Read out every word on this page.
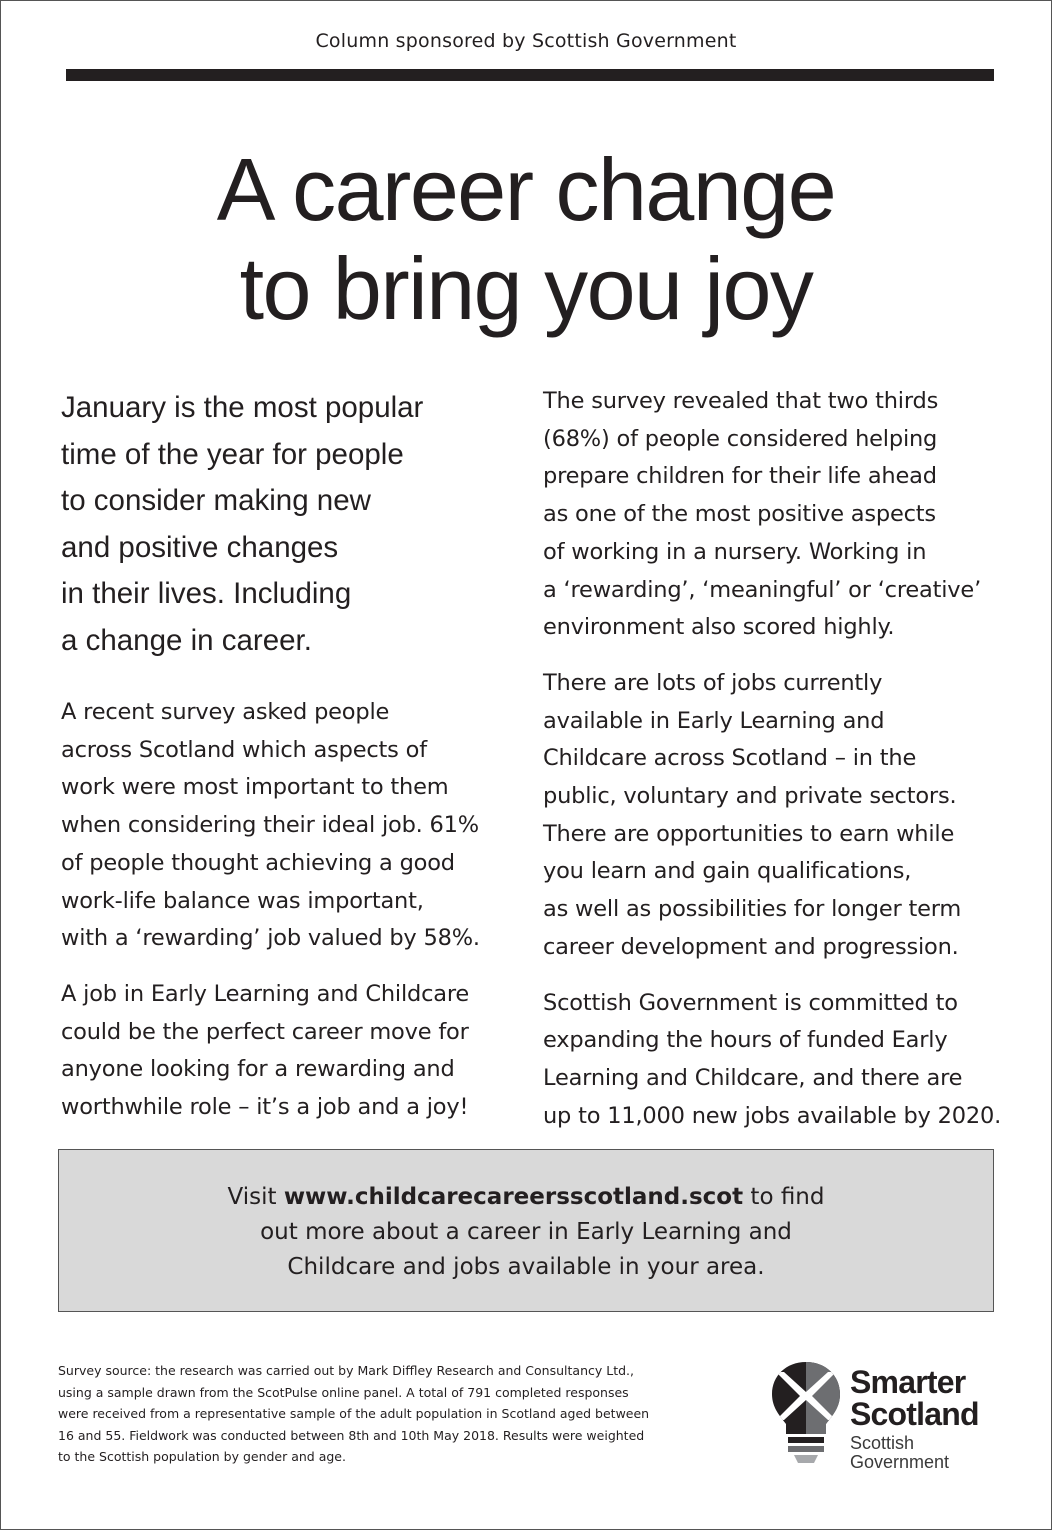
Column sponsored by Scottish Government
A career change
to bring you joy

January is the most popular
time of the year for people
to consider making new
and positive changes
in their lives. Including
a change in career.

A recent survey asked people
across Scotland which aspects of
work were most important to them
when considering their ideal job. 61%
of people thought achieving a good
work-life balance was important,
with a ‘rewarding’ job valued by 58%.

A job in Early Learning and Childcare
could be the perfect career move for
anyone looking for a rewarding and
worthwhile role – it’s a job and a joy!

The survey revealed that two thirds
(68%) of people considered helping
prepare children for their life ahead
as one of the most positive aspects
of working in a nursery. Working in
a ‘rewarding’, ‘meaningful’ or ‘creative’
environment also scored highly.

There are lots of jobs currently
available in Early Learning and
Childcare across Scotland – in the
public, voluntary and private sectors.
There are opportunities to earn while
you learn and gain qualifications,
as well as possibilities for longer term
career development and progression.

Scottish Government is committed to
expanding the hours of funded Early
Learning and Childcare, and there are
up to 11,000 new jobs available by 2020.

Visit www.childcarecareersscotland.scot to find
out more about a career in Early Learning and
Childcare and jobs available in your area.
Survey source: the research was carried out by Mark Diffley Research and Consultancy Ltd.,
using a sample drawn from the ScotPulse online panel. A total of 791 completed responses
were received from a representative sample of the adult population in Scotland aged between
16 and 55. Fieldwork was conducted between 8th and 10th May 2018. Results were weighted
to the Scottish population by gender and age.
Smarter
Scotland
Scottish
Government
